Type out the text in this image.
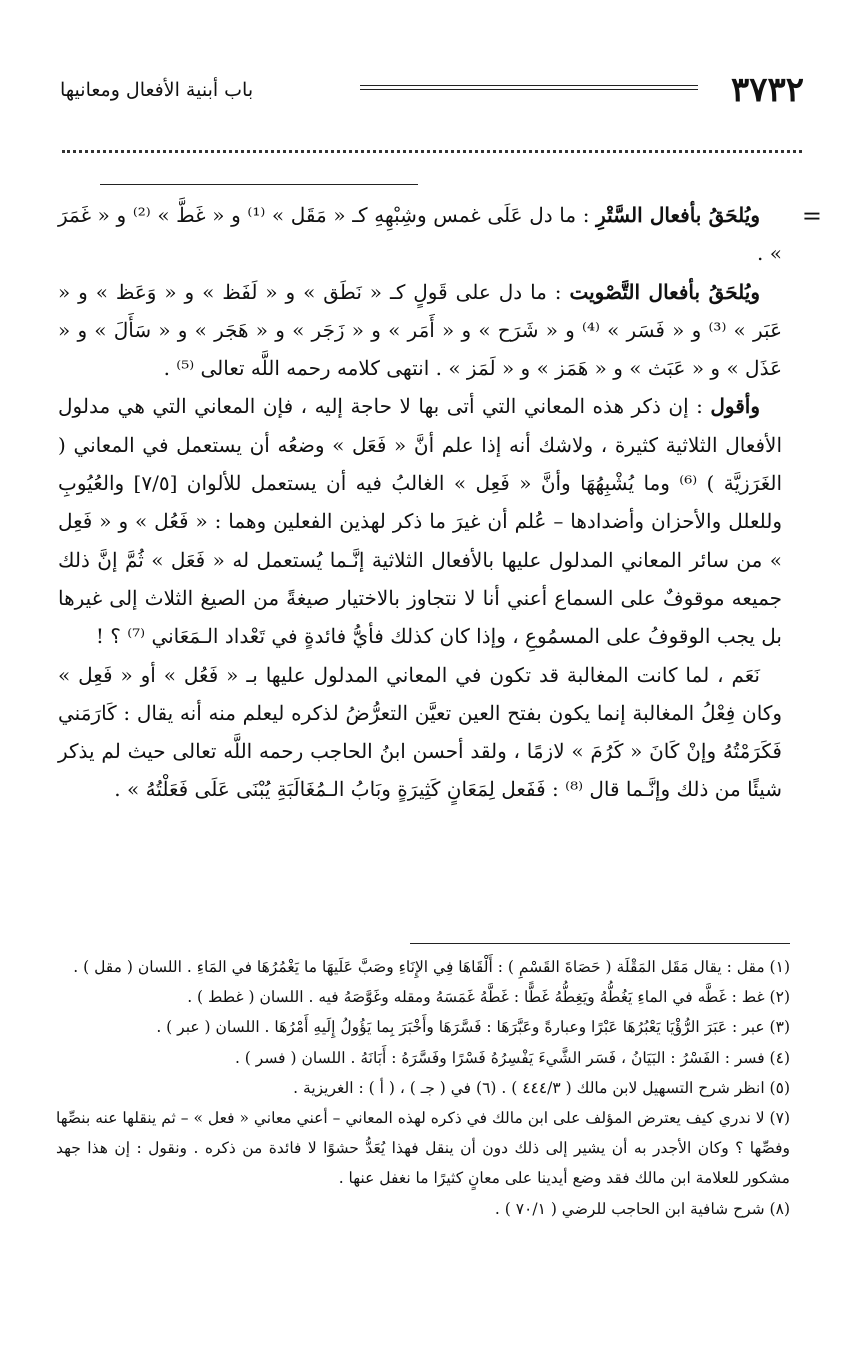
٣٧٣٢
باب أبنية الأفعال ومعانيها
=

ويُلحَقُ بأفعال السَّتْرِ : ما دل عَلَى غمس وشِبْهِهِ كـ « مَقَل » ⁽¹⁾ و « غَطَّ » ⁽²⁾ و « غَمَرَ » .

ويُلحَقُ بأفعال التَّصْويت : ما دل على قَولٍ كـ « نَطَق » و « لَفَظ » و « وَعَظ » و « عَبَر » ⁽³⁾ و « فَسَر » ⁽⁴⁾ و « شَرَح » و « أَمَر » و « زَجَر » و « هَجَر » و « سَأَلَ » و « عَذَل » و « عَبَث » و « هَمَز » و « لَمَز » . انتهى كلامه رحمه اللَّه تعالى ⁽⁵⁾ .

وأقول : إن ذكر هذه المعاني التي أتى بها لا حاجة إليه ، فإن المعاني التي هي مدلول الأفعال الثلاثية كثيرة ، ولاشك أنه إذا علم أنَّ « فَعَل » وضعُه أن يستعمل في المعاني ( الغَرَزيَّة ) ⁽⁶⁾ وما يُشْبِهُهَا وأنَّ « فَعِل » الغالبُ فيه أن يستعمل للألوان [٧/٥] والعُيُوبِ وللعلل والأحزان وأضدادها – عُلم أن غيرَ ما ذكر لهذين الفعلين وهما : « فَعُل » و « فَعِل » من سائر المعاني المدلول عليها بالأفعال الثلاثية إنَّـما يُستعمل له « فَعَل » ثُمَّ إنَّ ذلك جميعه موقوفٌ على السماع أعني أنا لا نتجاوز بالاختيار صيغةً من الصيغ الثلاث إلى غيرها بل يجب الوقوفُ على المسمُوعِ ، وإذا كان كذلك فأيُّ فائدةٍ في تَعْداد الـمَعَاني ⁽⁷⁾ ؟ !

نَعَم ، لما كانت المغالبة قد تكون في المعاني المدلول عليها بـ « فَعُل » أو « فَعِل » وكان فِعْلُ المغالبة إنما يكون بفتح العين تعيَّن التعرُّضُ لذكره ليعلم منه أنه يقال : كَارَمَني فَكَرَمْتُهُ وإنْ كَانَ « كَرُمَ » لازمًا ، ولقد أحسن ابنُ الحاجب رحمه اللَّه تعالى حيث لم يذكر شيئًا من ذلك وإنَّـما قال ⁽⁸⁾ : فَفَعل لِمَعَانٍ كَثِيرَةٍ وبَابُ الـمُغَالَبَةِ يُبْنَى عَلَى فَعَلْتُهُ » .

(١) مقل : يقال مَقَل المَقْلَة ( حَصَاةَ القَسْمِ ) : أَلْقَاهَا فِي الإِنَاءِ وصَبَّ عَلَيهَا ما يَغْمُرُهَا في المَاءِ . اللسان ( مقل ) .

(٢) غط : غَطَّه في الماءِ يَغُطُّهُ ويَغِطُّهُ غَطًّا : غَطَّهُ غَمَسَهُ ومقله وغَوَّصَهُ فيه . اللسان ( غطط ) .

(٣) عبر : عَبَرَ الرُّؤْيَا يَعْبُرُهَا عَبْرًا وعبارةً وعَبَّرَهَا : فَسَّرَهَا وأَخْبَرَ بِما يَؤُولُ إِلَيهِ أَمْرُهَا . اللسان ( عبر ) .

(٤) فسر : الفَسْرُ : البَيَانُ ، فَسَر الشَّيءَ يَفْسِرُهُ فَسْرًا وفَسَّرَهُ : أَبَانَهُ . اللسان ( فسر ) .

(٥) انظر شرح التسهيل لابن مالك ( ٤٤٤/٣ ) . (٦) في ( جـ ) ، ( أ ) : الغريزية .

(٧) لا ندري كيف يعترض المؤلف على ابن مالك في ذكره لهذه المعاني – أعني معاني « فعل » – ثم ينقلها عنه بنصِّها وفصِّها ؟ وكان الأجدر به أن يشير إلى ذلك دون أن ينقل فهذا يُعَدُّ حشوًا لا فائدة من ذكره . ونقول : إن هذا جهد مشكور للعلامة ابن مالك فقد وضع أيدينا على معانٍ كثيرًا ما نغفل عنها .

(٨) شرح شافية ابن الحاجب للرضي ( ٧٠/١ ) .
